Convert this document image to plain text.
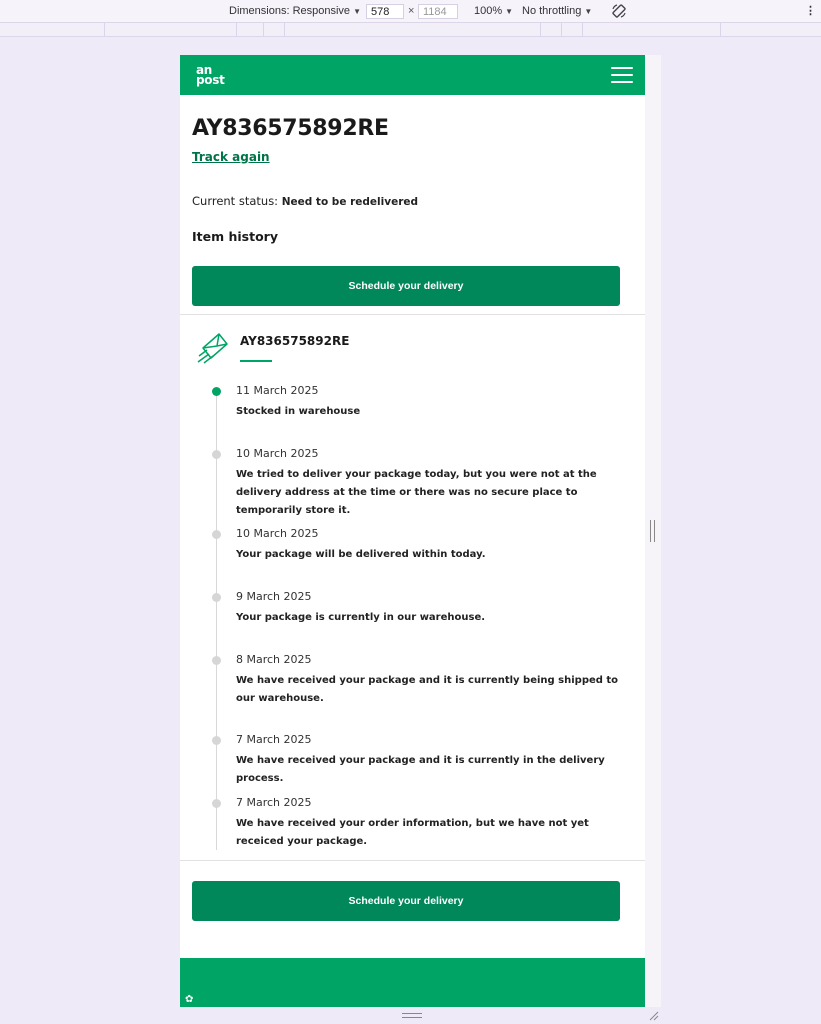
Dimensions: Responsive ▼
578	×
1184	100% ▼ No throttling ▼	⋮
an
post
AY836575892RE
Track again
Current status: Need to be redelivered
Item history
Schedule your delivery
AY836575892RE
11 March 2025
Stocked in warehouse
10 March 2025
We tried to deliver your package today, but you were not at the delivery address at the time or there was no secure place to temporarily store it.
10 March 2025
Your package will be delivered within today.
9 March 2025
Your package is currently in our warehouse.
8 March 2025
We have received your package and it is currently being shipped to our warehouse.
7 March 2025
We have received your package and it is currently in the delivery process.
7 March 2025
We have received your order information, but we have not yet receiced your package.
Schedule your delivery
✿
